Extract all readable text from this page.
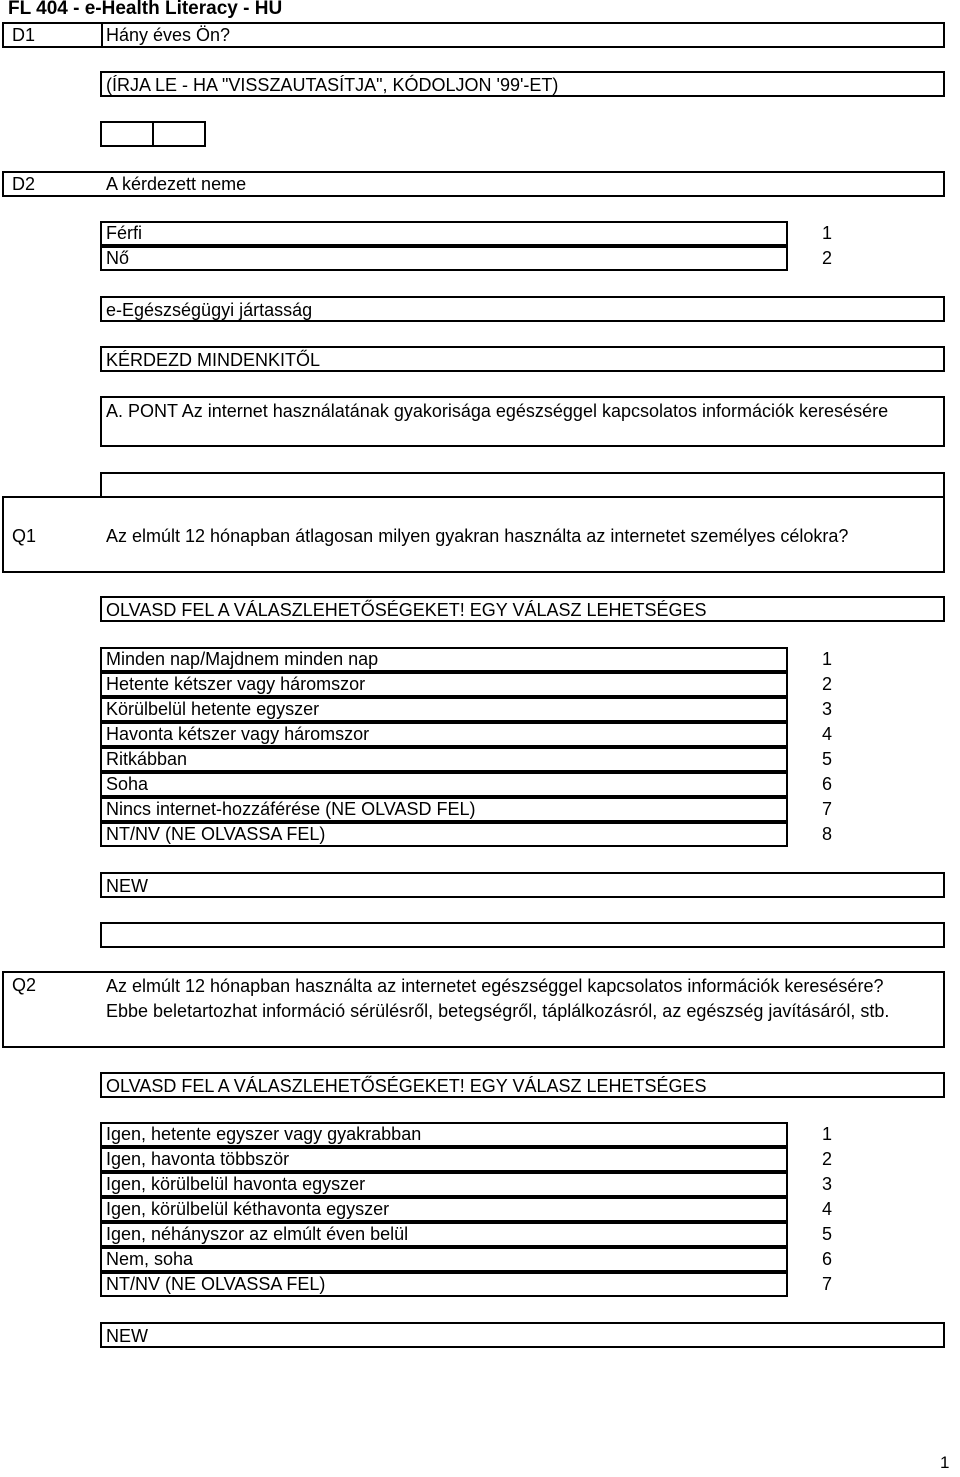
FL 404 - e-Health Literacy - HU
D1	Hány éves Ön?
(ÍRJA LE - HA "VISSZAUTASÍTJA", KÓDOLJON '99'-ET)
D2	A kérdezett neme
Férfi	1
Nő	2
e-Egészségügyi jártasság
KÉRDEZD MINDENKITŐL
A. PONT Az internet használatának gyakorisága egészséggel kapcsolatos információk keresésére
Q1	Az elmúlt 12 hónapban átlagosan milyen gyakran használta az internetet személyes célokra?
OLVASD FEL A VÁLASZLEHETŐSÉGEKET! EGY VÁLASZ LEHETSÉGES
Minden nap/Majdnem minden nap	1
Hetente kétszer vagy háromszor	2
Körülbelül hetente egyszer	3
Havonta kétszer vagy háromszor	4
Ritkábban	5
Soha	6
Nincs internet-hozzáférése (NE OLVASD FEL)	7
NT/NV (NE OLVASSA FEL)	8
NEW
Q2	Az elmúlt 12 hónapban használta az internetet egészséggel kapcsolatos információk keresésére? Ebbe beletartozhat információ sérülésről, betegségről, táplálkozásról, az egészség javításáról, stb.
OLVASD FEL A VÁLASZLEHETŐSÉGEKET! EGY VÁLASZ LEHETSÉGES
Igen, hetente egyszer vagy gyakrabban	1
Igen, havonta többször	2
Igen, körülbelül havonta egyszer	3
Igen, körülbelül kéthavonta egyszer	4
Igen, néhányszor az elmúlt éven belül	5
Nem, soha	6
NT/NV (NE OLVASSA FEL)	7
NEW
1
